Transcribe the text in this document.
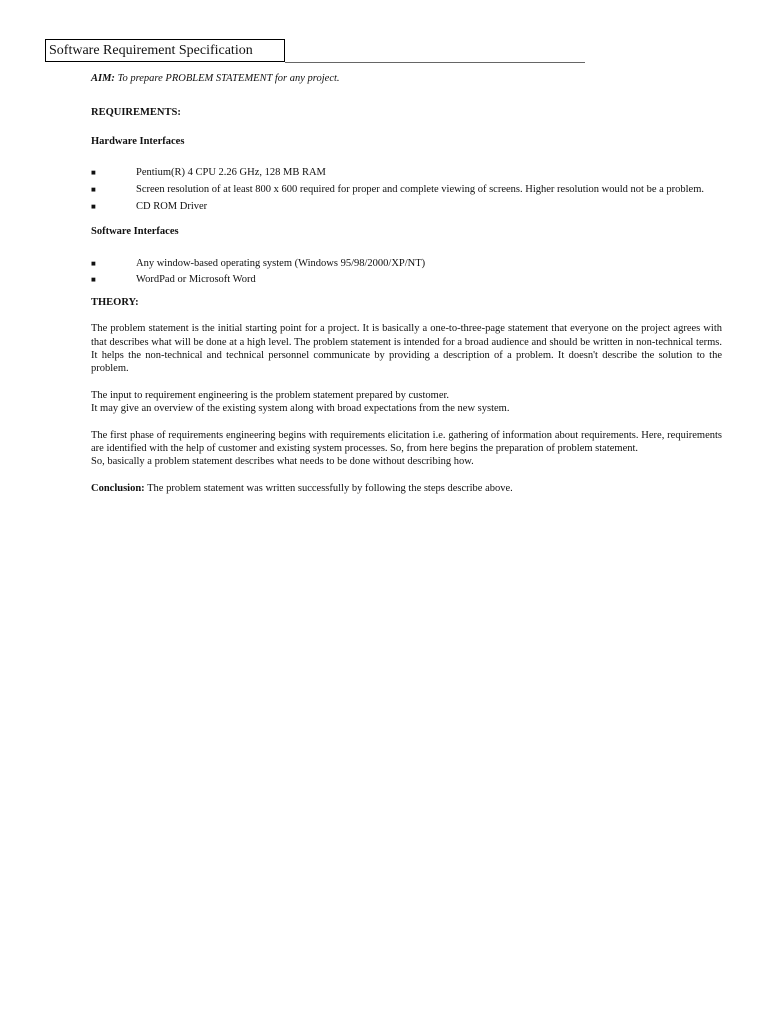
Software Requirement Specification

AIM: To prepare PROBLEM STATEMENT for any project.

REQUIREMENTS:

Hardware Interfaces

■	Pentium(R) 4 CPU 2.26 GHz, 128 MB RAM
■	Screen resolution of at least 800 x 600 required for proper and complete viewing of screens. Higher resolution would not be a problem.
■	CD ROM Driver

Software Interfaces

■	Any window-based operating system (Windows 95/98/2000/XP/NT)
■	WordPad or Microsoft Word

THEORY:

The problem statement is the initial starting point for a project. It is basically a one-to-three-page statement that everyone on the project agrees with that describes what will be done at a high level. The problem statement is intended for a broad audience and should be written in non-technical terms. It helps the non-technical and technical personnel communicate by providing a description of a problem. It doesn't describe the solution to the problem.

The input to requirement engineering is the problem statement prepared by customer.

It may give an overview of the existing system along with broad expectations from the new system.

The first phase of requirements engineering begins with requirements elicitation i.e. gathering of information about requirements. Here, requirements are identified with the help of customer and existing system processes. So, from here begins the preparation of problem statement.

So, basically a problem statement describes what needs to be done without describing how.

Conclusion: The problem statement was written successfully by following the steps describe above.
